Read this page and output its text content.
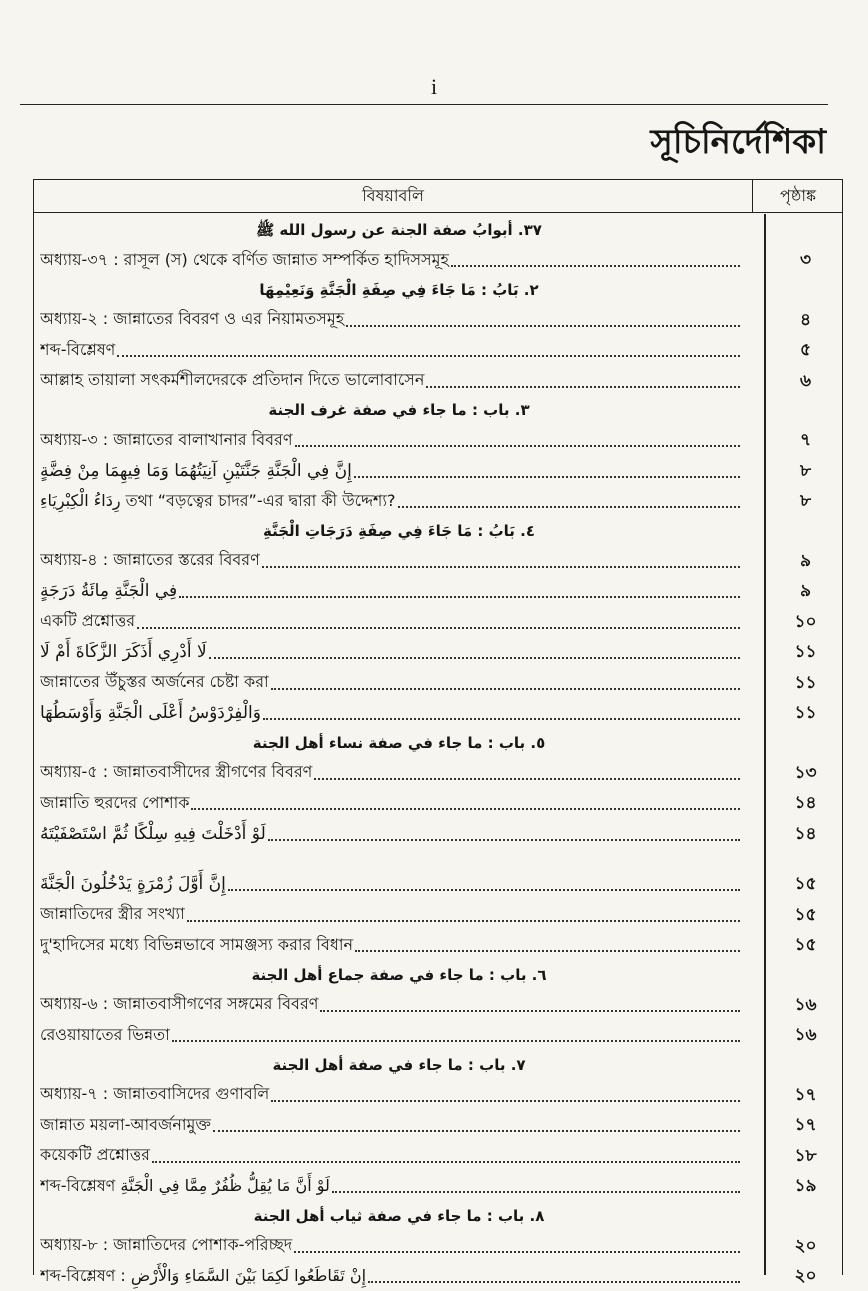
i
সূচিনির্দেশিকা
বিষয়াবলি	পৃষ্ঠাঙ্ক
٣٧. أبوابُ صفة الجنة عن رسول الله ﷺ
অধ্যায়-৩৭ : রাসূল (স) থেকে বর্ণিত জান্নাত সম্পর্কিত হাদিসসমূহ	৩
٢. بَابُ : مَا جَاءَ فِي صِفَةِ الْجَنَّةِ وَنَعِيْمِهَا
অধ্যায়-২ : জান্নাতের বিবরণ ও এর নিয়ামতসমূহ	৪
শব্দ-বিশ্লেষণ	৫
আল্লাহ তায়ালা সৎকর্মশীলদেরকে প্রতিদান দিতে ভালোবাসেন	৬
٣. باب : ما جاء في صفة غرف الجنة
অধ্যায়-৩ : জান্নাতের বালাখানার বিবরণ	৭
إِنَّ فِي الْجَنَّةِ جَنَّتَيْنِ آنِيَتُهُمَا وَمَا فِيهِمَا مِنْ فِضَّةٍ	৮
رِدَاءُ الْكِبْرِيَاءِ তথা “বড়ত্বের চাদর”-এর দ্বারা কী উদ্দেশ্য?	৮
٤. بَابُ : مَا جَاءَ فِي صِفَةِ دَرَجَاتِ الْجَنَّةِ
অধ্যায়-৪ : জান্নাতের স্তরের বিবরণ	৯
فِي الْجَنَّةِ مِائَةُ دَرَجَةٍ	৯
একটি প্রশ্নোত্তর	১০
لَا أَدْرِي أَذَكَرَ الزَّكَاةَ أَمْ لَا	১১
জান্নাতের উঁচুস্তর অর্জনের চেষ্টা করা	১১
وَالْفِرْدَوْسُ أَعْلَى الْجَنَّةِ وَأَوْسَطُهَا	১১
٥. باب : ما جاء في صفة نساء أهل الجنة
অধ্যায়-৫ : জান্নাতবাসীদের স্ত্রীগণের বিবরণ	১৩
জান্নাতি হুরদের পোশাক	১৪
لَوْ أَدْخَلْتَ فِيهِ سِلْكًا ثُمَّ اسْتَصْفَيْتَهُ	১৪
إِنَّ أَوَّلَ زُمْرَةٍ يَدْخُلُونَ الْجَنَّةَ	১৫
জান্নাতিদের স্ত্রীর সংখ্যা	১৫
দু'হাদিসের মধ্যে বিভিন্নভাবে সামঞ্জস্য করার বিধান	১৫
٦. باب : ما جاء في صفة جماع أهل الجنة
অধ্যায়-৬ : জান্নাতবাসীগণের সঙ্গমের বিবরণ	১৬
রেওয়ায়াতের ভিন্নতা	১৬
٧. باب : ما جاء في صفة أهل الجنة
অধ্যায়-৭ : জান্নাতবাসিদের গুণাবলি	১৭
জান্নাত ময়লা-আবর্জনামুক্ত	১৭
কয়েকটি প্রশ্নোত্তর	১৮
শব্দ-বিশ্লেষণ لَوْ أَنَّ مَا يُقِلُّ ظُفُرٌ مِمَّا فِي الْجَنَّةِ	১৯
٨. باب : ما جاء في صفة ثياب أهل الجنة
অধ্যায়-৮ : জান্নাতিদের পোশাক-পরিচ্ছদ	২০
শব্দ-বিশ্লেষণ : إِنْ تَقَاطَعُوا لَكِمَا بَيْنَ السَّمَاءِ وَالْأَرْضِ	২০
